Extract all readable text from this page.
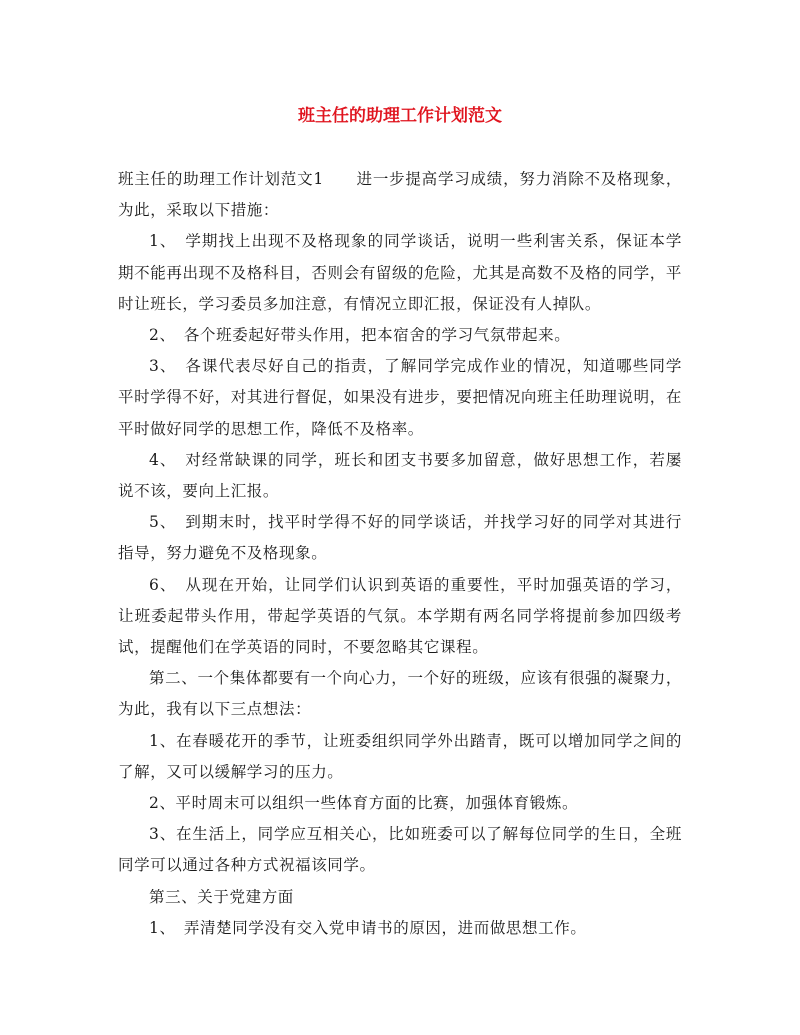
班主任的助理工作计划范文

班主任的助理工作计划范文1　　进一步提高学习成绩，努力消除不及格现象，为此，采取以下措施：

1、　学期找上出现不及格现象的同学谈话，说明一些利害关系，保证本学期不能再出现不及格科目，否则会有留级的危险，尤其是高数不及格的同学，平时让班长，学习委员多加注意，有情况立即汇报，保证没有人掉队。

2、　各个班委起好带头作用，把本宿舍的学习气氛带起来。

3、　各课代表尽好自己的指责，了解同学完成作业的情况，知道哪些同学平时学得不好，对其进行督促，如果没有进步，要把情况向班主任助理说明，在平时做好同学的思想工作，降低不及格率。

4、　对经常缺课的同学，班长和团支书要多加留意，做好思想工作，若屡说不该，要向上汇报。

5、　到期末时，找平时学得不好的同学谈话，并找学习好的同学对其进行指导，努力避免不及格现象。

6、　从现在开始，让同学们认识到英语的重要性，平时加强英语的学习，让班委起带头作用，带起学英语的气氛。本学期有两名同学将提前参加四级考试，提醒他们在学英语的同时，不要忽略其它课程。

第二、一个集体都要有一个向心力，一个好的班级，应该有很强的凝聚力，为此，我有以下三点想法：

1、在春暖花开的季节，让班委组织同学外出踏青，既可以增加同学之间的了解，又可以缓解学习的压力。

2、平时周末可以组织一些体育方面的比赛，加强体育锻炼。

3、在生活上，同学应互相关心，比如班委可以了解每位同学的生日，全班同学可以通过各种方式祝福该同学。

第三、关于党建方面

1、　弄清楚同学没有交入党申请书的原因，进而做思想工作。
